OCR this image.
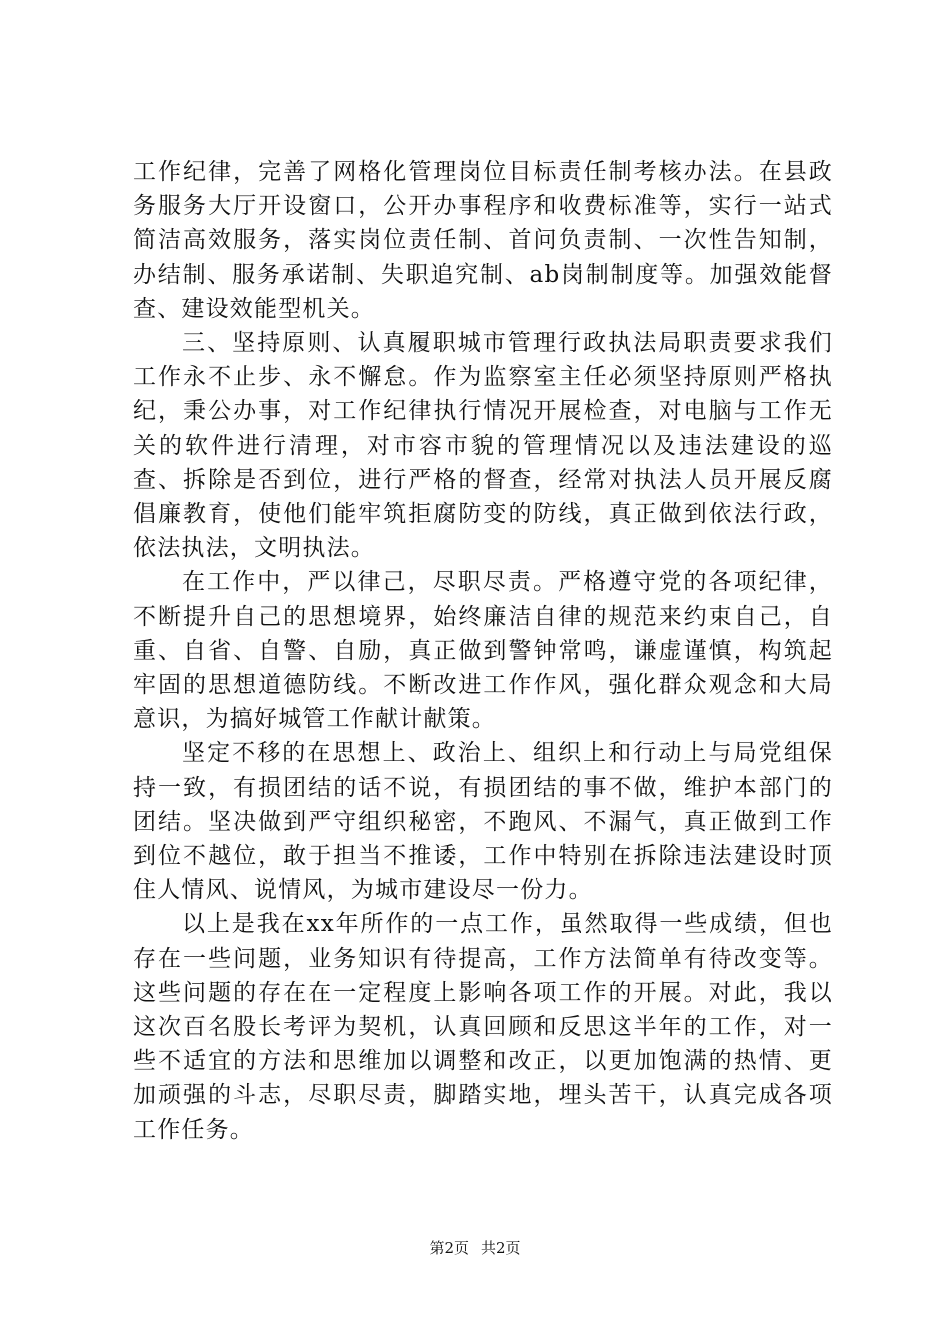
工作纪律，完善了网格化管理岗位目标责任制考核办法。在县政务服务大厅开设窗口，公开办事程序和收费标准等，实行一站式简洁高效服务，落实岗位责任制、首问负责制、一次性告知制，办结制、服务承诺制、失职追究制、ab岗制制度等。加强效能督查、建设效能型机关。

三、坚持原则、认真履职城市管理行政执法局职责要求我们工作永不止步、永不懈怠。作为监察室主任必须坚持原则严格执纪，秉公办事，对工作纪律执行情况开展检查，对电脑与工作无关的软件进行清理，对市容市貌的管理情况以及违法建设的巡查、拆除是否到位，进行严格的督查，经常对执法人员开展反腐倡廉教育，使他们能牢筑拒腐防变的防线，真正做到依法行政，依法执法，文明执法。

在工作中，严以律己，尽职尽责。严格遵守党的各项纪律，不断提升自己的思想境界，始终廉洁自律的规范来约束自己，自重、自省、自警、自励，真正做到警钟常鸣，谦虚谨慎，构筑起牢固的思想道德防线。不断改进工作作风，强化群众观念和大局意识，为搞好城管工作献计献策。

坚定不移的在思想上、政治上、组织上和行动上与局党组保持一致，有损团结的话不说，有损团结的事不做，维护本部门的团结。坚决做到严守组织秘密，不跑风、不漏气，真正做到工作到位不越位，敢于担当不推诿，工作中特别在拆除违法建设时顶住人情风、说情风，为城市建设尽一份力。

以上是我在xx年所作的一点工作，虽然取得一些成绩，但也存在一些问题，业务知识有待提高，工作方法简单有待改变等。这些问题的存在在一定程度上影响各项工作的开展。对此，我以这次百名股长考评为契机，认真回顾和反思这半年的工作，对一些不适宜的方法和思维加以调整和改正，以更加饱满的热情、更加顽强的斗志，尽职尽责，脚踏实地，埋头苦干，认真完成各项工作任务。

第2页 共2页
